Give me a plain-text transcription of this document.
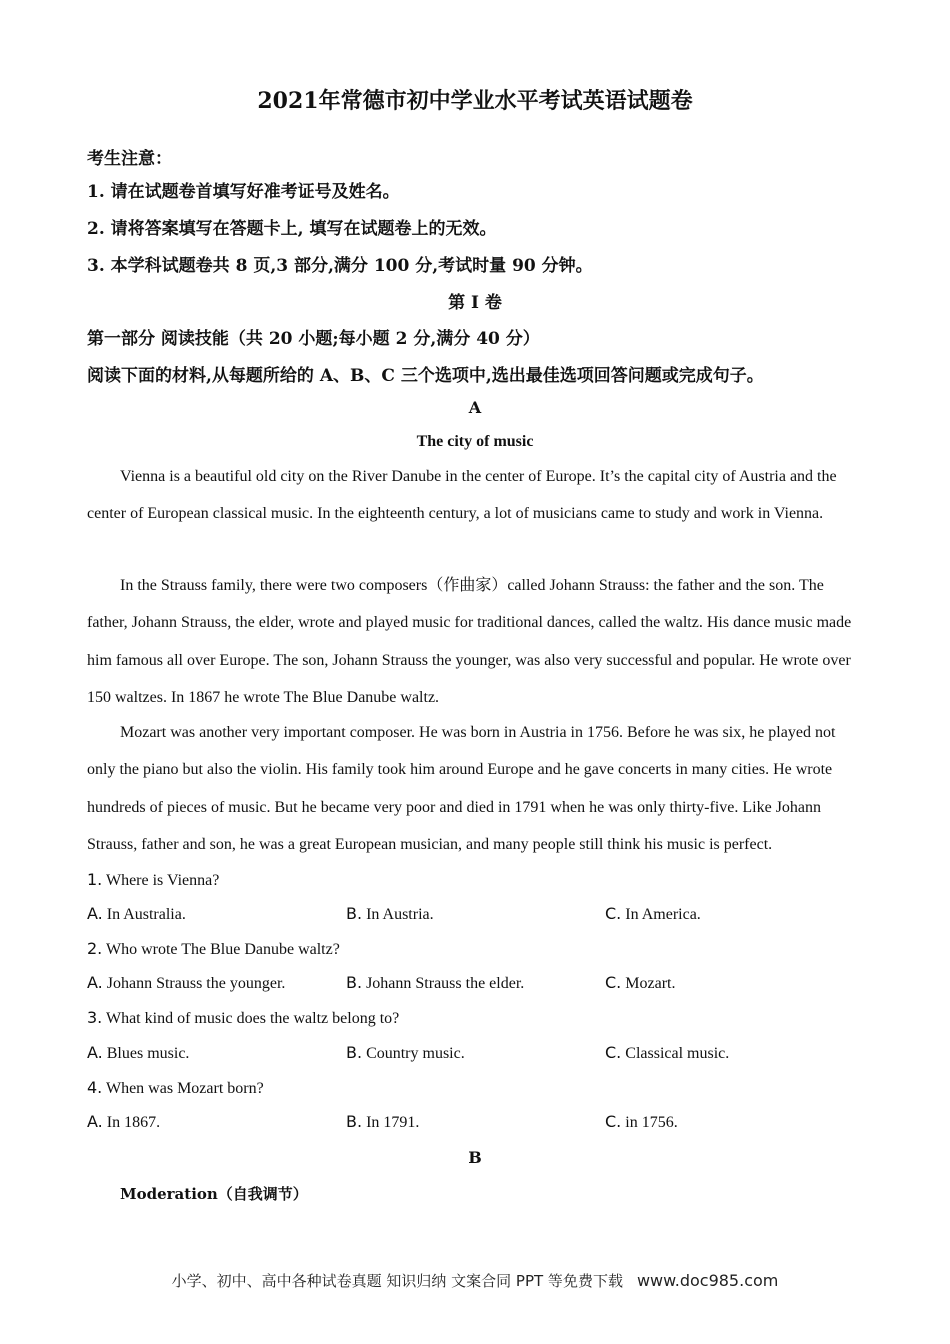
2021年常德市初中学业水平考试英语试题卷
考生注意：
1. 请在试题卷首填写好准考证号及姓名。
2. 请将答案填写在答题卡上, 填写在试题卷上的无效。
3. 本学科试题卷共 8 页,3 部分,满分 100 分,考试时量 90 分钟。
第 I 卷
第一部分 阅读技能（共 20 小题;每小题 2 分,满分 40 分）
阅读下面的材料,从每题所给的 A、B、C 三个选项中,选出最佳选项回答问题或完成句子。
A
The city of music

Vienna is a beautiful old city on the River Danube in the center of Europe. It’s the capital city of Austria and the center of European classical music. In the eighteenth century, a lot of musicians came to study and work in Vienna.

In the Strauss family, there were two composers（作曲家）called Johann Strauss: the father and the son. The father, Johann Strauss, the elder, wrote and played music for traditional dances, called the waltz. His dance music made him famous all over Europe. The son, Johann Strauss the younger, was also very successful and popular. He wrote over 150 waltzes. In 1867 he wrote The Blue Danube waltz.

Mozart was another very important composer. He was born in Austria in 1756. Before he was six, he played not only the piano but also the violin. His family took him around Europe and he gave concerts in many cities. He wrote hundreds of pieces of music. But he became very poor and died in 1791 when he was only thirty-five. Like Johann Strauss, father and son, he was a great European musician, and many people still think his music is perfect.

1. Where is Vienna?
A. In Australia.	B. In Austria.	C. In America.
2. Who wrote The Blue Danube waltz?
A. Johann Strauss the younger.	B. Johann Strauss the elder.	C. Mozart.
3. What kind of music does the waltz belong to?
A. Blues music.	B. Country music.	C. Classical music.
4. When was Mozart born?
A. In 1867.	B. In 1791.	C. in 1756.
B
Moderation（自我调节）
小学、初中、高中各种试卷真题 知识归纳 文案合同 PPT 等免费下载 www.doc985.com
